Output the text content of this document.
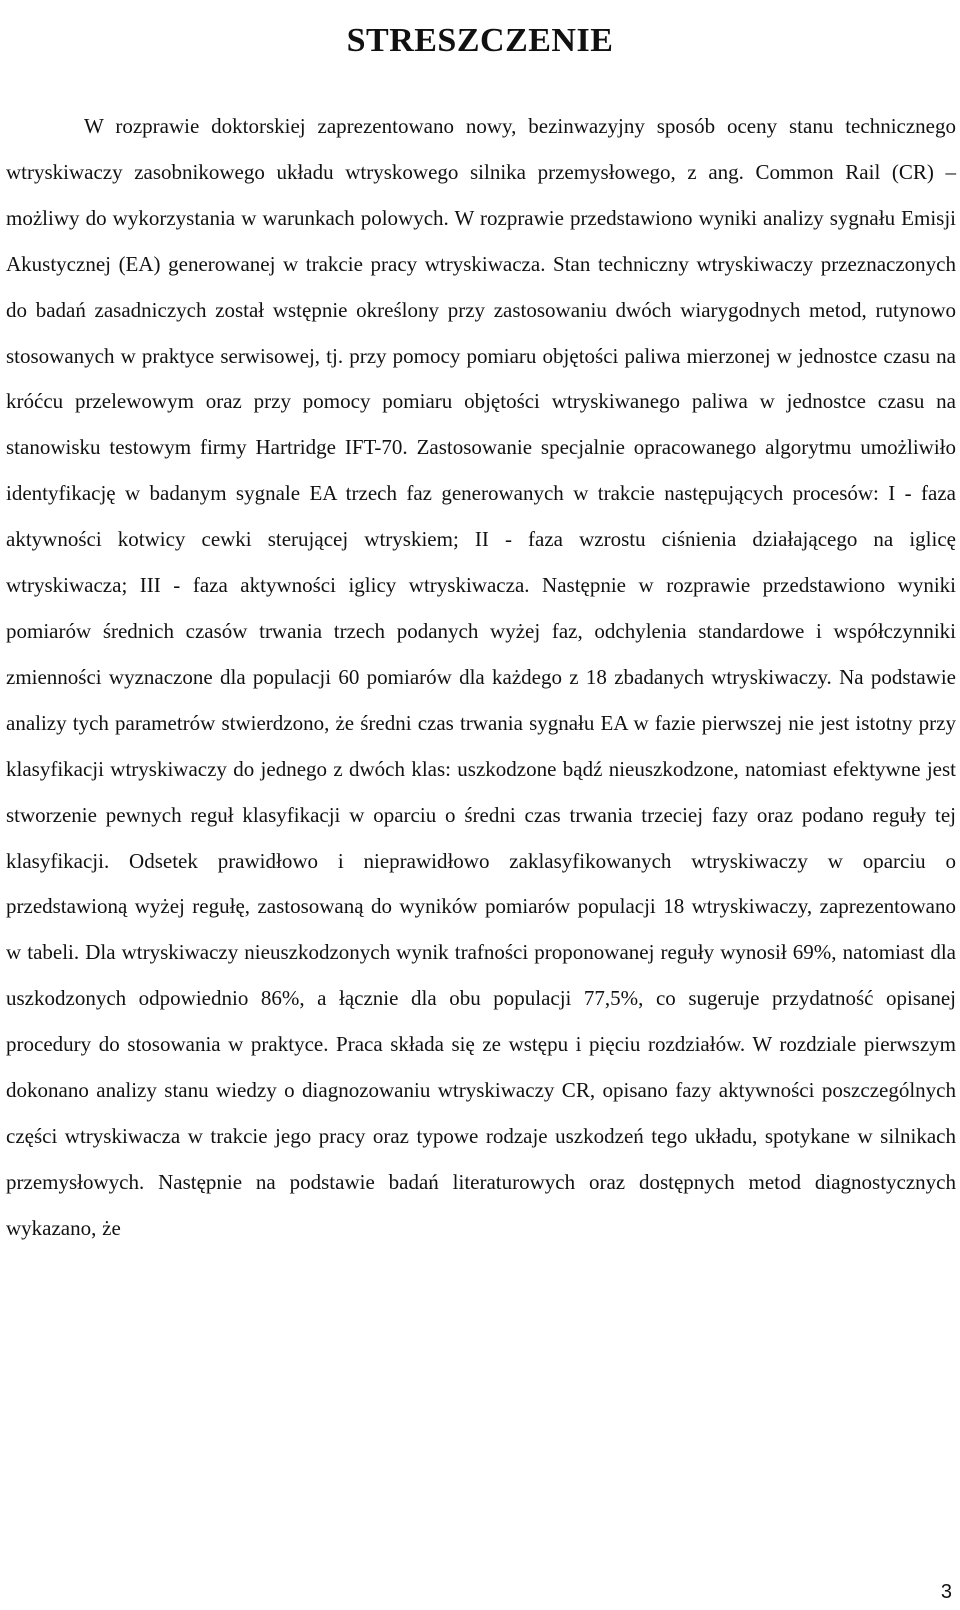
STRESZCZENIE

W rozprawie doktorskiej zaprezentowano nowy, bezinwazyjny sposób oceny stanu technicznego wtryskiwaczy zasobnikowego układu wtryskowego silnika przemysłowego, z ang. Common Rail (CR) – możliwy do wykorzystania w warunkach polowych. W rozprawie przedstawiono wyniki analizy sygnału Emisji Akustycznej (EA) generowanej w trakcie pracy wtryskiwacza. Stan techniczny wtryskiwaczy przeznaczonych do badań zasadniczych został wstępnie określony przy zastosowaniu dwóch wiarygodnych metod, rutynowo stosowanych w praktyce serwisowej, tj. przy pomocy pomiaru objętości paliwa mierzonej w jednostce czasu na króćcu przelewowym oraz przy pomocy pomiaru objętości wtryskiwanego paliwa w jednostce czasu na stanowisku testowym firmy Hartridge IFT-70. Zastosowanie specjalnie opracowanego algorytmu umożliwiło identyfikację w badanym sygnale EA trzech faz generowanych w trakcie następujących procesów: I - faza aktywności kotwicy cewki sterującej wtryskiem; II - faza wzrostu ciśnienia działającego na iglicę wtryskiwacza; III - faza aktywności iglicy wtryskiwacza. Następnie w rozprawie przedstawiono wyniki pomiarów średnich czasów trwania trzech podanych wyżej faz, odchylenia standardowe i współczynniki zmienności wyznaczone dla populacji 60 pomiarów dla każdego z 18 zbadanych wtryskiwaczy. Na podstawie analizy tych parametrów stwierdzono, że średni czas trwania sygnału EA w fazie pierwszej nie jest istotny przy klasyfikacji wtryskiwaczy do jednego z dwóch klas: uszkodzone bądź nieuszkodzone, natomiast efektywne jest stworzenie pewnych reguł klasyfikacji w oparciu o średni czas trwania trzeciej fazy oraz podano reguły tej klasyfikacji. Odsetek prawidłowo i nieprawidłowo zaklasyfikowanych wtryskiwaczy w oparciu o przedstawioną wyżej regułę, zastosowaną do wyników pomiarów populacji 18 wtryskiwaczy, zaprezentowano w tabeli. Dla wtryskiwaczy nieuszkodzonych wynik trafności proponowanej reguły wynosił 69%, natomiast dla uszkodzonych odpowiednio 86%, a łącznie dla obu populacji 77,5%, co sugeruje przydatność opisanej procedury do stosowania w praktyce. Praca składa się ze wstępu i pięciu rozdziałów. W rozdziale pierwszym dokonano analizy stanu wiedzy o diagnozowaniu wtryskiwaczy CR, opisano fazy aktywności poszczególnych części wtryskiwacza w trakcie jego pracy oraz typowe rodzaje uszkodzeń tego układu, spotykane w silnikach przemysłowych. Następnie na podstawie badań literaturowych oraz dostępnych metod diagnostycznych wykazano, że

3
